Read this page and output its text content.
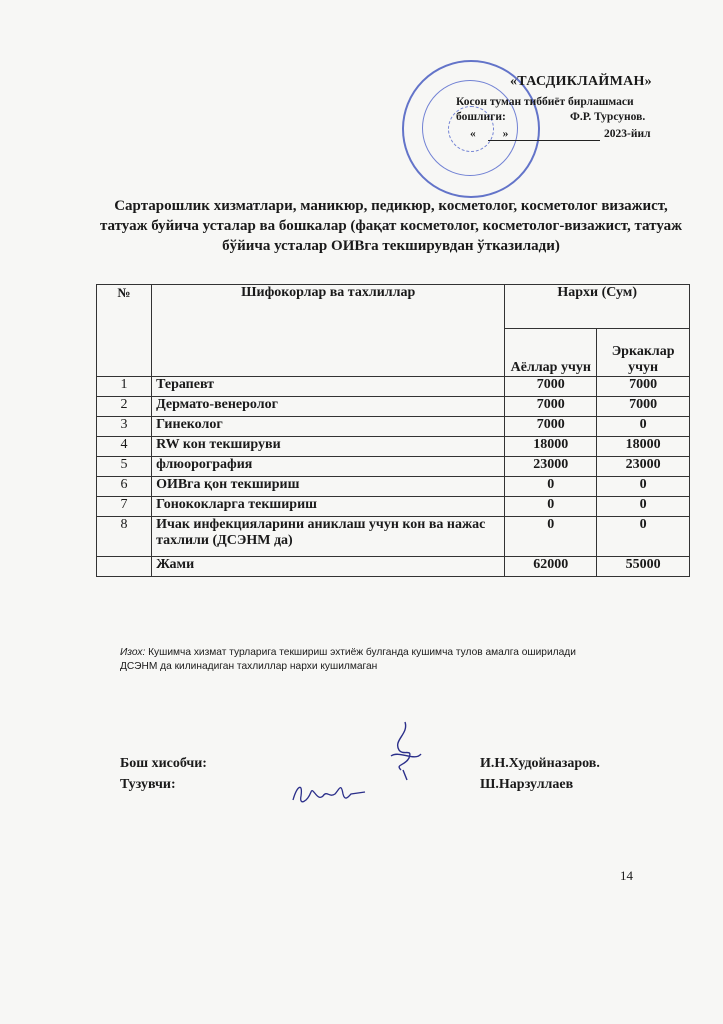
«ТАСДИКЛАЙМАН»
Косон туман тиббиёт бирлашмаси
бошлиги:	Ф.Р. Турсунов.
« »	2023-йил
Сартарошлик хизматлари, маникюр, педикюр, косметолог, косметолог визажист, татуаж буйича усталар ва бошкалар (фақат косметолог, косметолог-визажист, татуаж бўйича усталар ОИВга текширувдан ўтказилади)
№	Шифокорлар ва тахлиллар	Нархи (Сум)	
		Аёллар учун	Эркаклар учун
1	Терапевт	7000	7000
2	Дермато-венеролог	7000	7000
3	Гинеколог	7000	0
4	RW кон текшируви	18000	18000
5	флюорография	23000	23000
6	ОИВга қон текшириш	0	0
7	Гонококларга текшириш	0	0
8	Ичак инфекцияларини аниклаш учун кон ва нажас тахлили (ДСЭНМ да)	0	0
	Жами	62000	55000
Изох: Кушимча хизмат турларига текшириш эхтиёж булганда кушимча тулов амалга оширилади
ДСЭНМ да килинадиган тахлиллар нархи кушилмаган
Бош хисобчи:
Тузувчи:
И.Н.Худойназаров.
Ш.Нарзуллаев
14
